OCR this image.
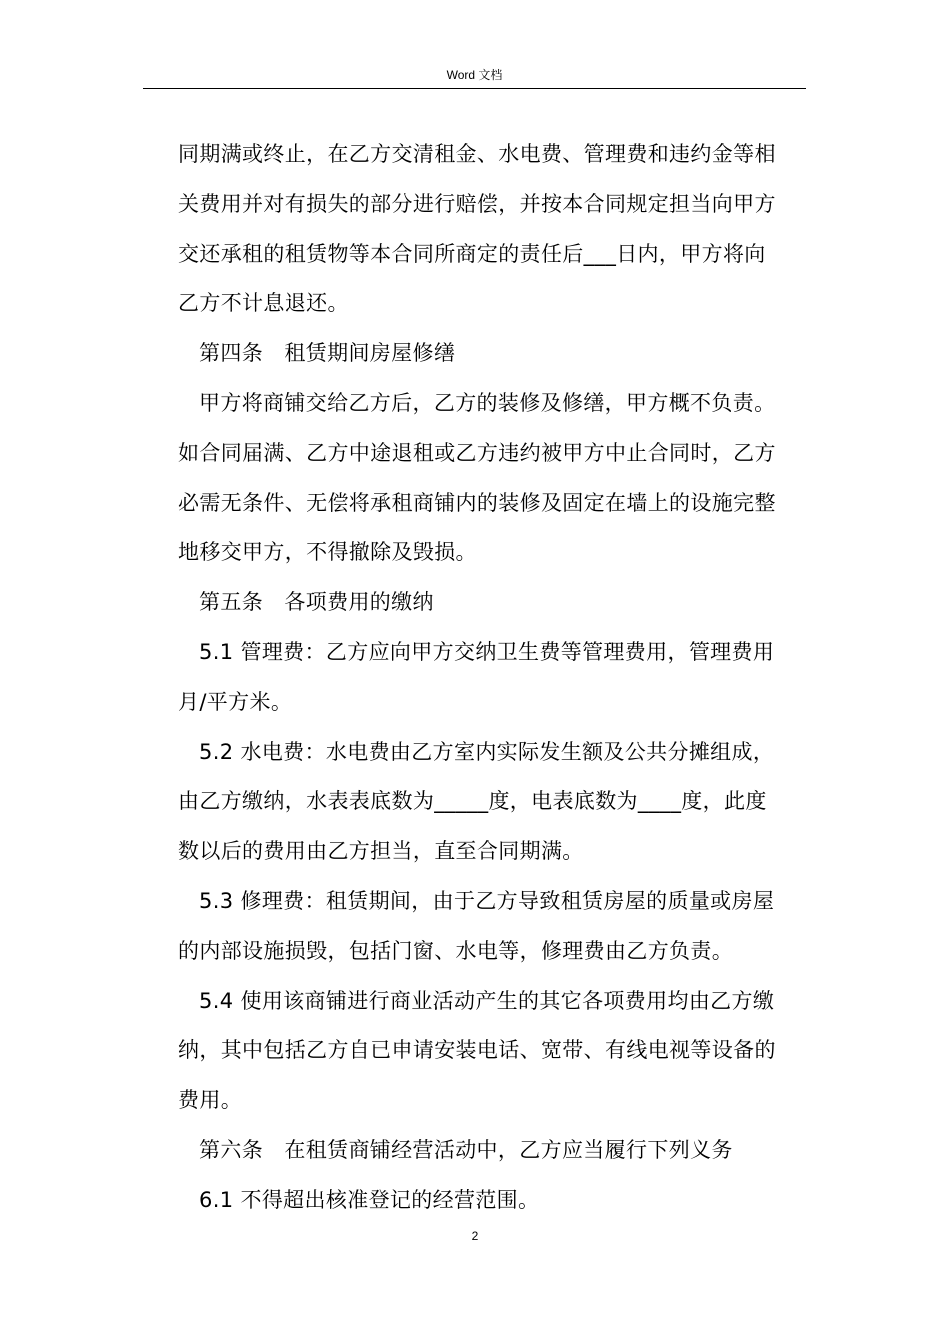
Word 文档
同期满或终止，在乙方交清租金、水电费、管理费和违约金等相
关费用并对有损失的部分进行赔偿，并按本合同规定担当向甲方
交还承租的租赁物等本合同所商定的责任后___日内，甲方将向
乙方不计息退还。
第四条　租赁期间房屋修缮
甲方将商铺交给乙方后，乙方的装修及修缮，甲方概不负责。
如合同届满、乙方中途退租或乙方违约被甲方中止合同时，乙方
必需无条件、无偿将承租商铺内的装修及固定在墙上的设施完整
地移交甲方，不得撤除及毁损。
第五条　各项费用的缴纳
5.1 管理费：乙方应向甲方交纳卫生费等管理费用，管理费用
月/平方米。
5.2 水电费：水电费由乙方室内实际发生额及公共分摊组成，
由乙方缴纳，水表表底数为_____度，电表底数为____度，此度
数以后的费用由乙方担当，直至合同期满。
5.3 修理费：租赁期间，由于乙方导致租赁房屋的质量或房屋
的内部设施损毁，包括门窗、水电等，修理费由乙方负责。
5.4 使用该商铺进行商业活动产生的其它各项费用均由乙方缴
纳，其中包括乙方自已申请安装电话、宽带、有线电视等设备的
费用。
第六条　在租赁商铺经营活动中，乙方应当履行下列义务
6.1 不得超出核准登记的经营范围。
2
